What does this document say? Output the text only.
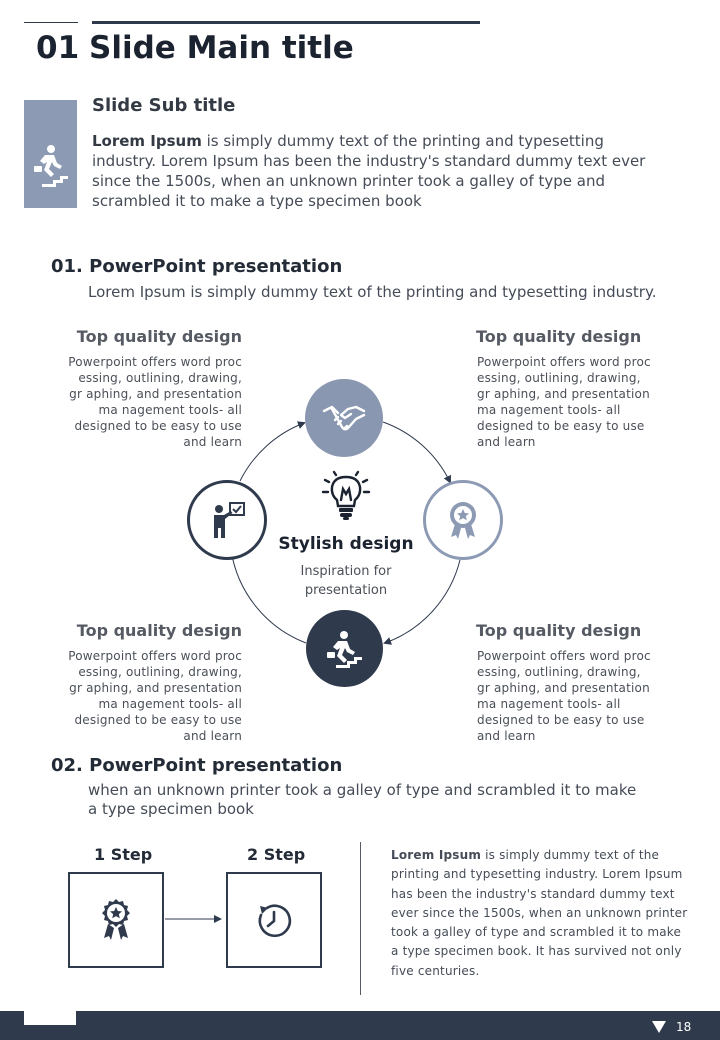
01 Slide Main title
Slide Sub title
Lorem Ipsum is simply dummy text of the printing and typesetting industry. Lorem Ipsum has been the industry's standard dummy text ever since the 1500s, when an unknown printer took a galley of type and scrambled it to make a type specimen book
01. PowerPoint presentation
Lorem Ipsum is simply dummy text of the printing and typesetting industry.
Top quality design
Powerpoint offers word proc essing, outlining, drawing, gr aphing, and presentation ma nagement tools- all designed to be easy to use and learn
Top quality design
Powerpoint offers word proc essing, outlining, drawing, gr aphing, and presentation ma nagement tools- all designed to be easy to use and learn
Top quality design
Powerpoint offers word proc essing, outlining, drawing, gr aphing, and presentation ma nagement tools- all designed to be easy to use and learn
Top quality design
Powerpoint offers word proc essing, outlining, drawing, gr aphing, and presentation ma nagement tools- all designed to be easy to use and learn
Stylish design
Inspiration for presentation
02. PowerPoint presentation
when an unknown printer took a galley of type and scrambled it to make a type specimen book
1 Step	2 Step	Lorem Ipsum is simply dummy text of the printing and typesetting industry. Lorem Ipsum has been the industry's standard dummy text ever since the 1500s, when an unknown printer took a galley of type and scrambled it to make a type specimen book. It has survived not only five centuries.
18
